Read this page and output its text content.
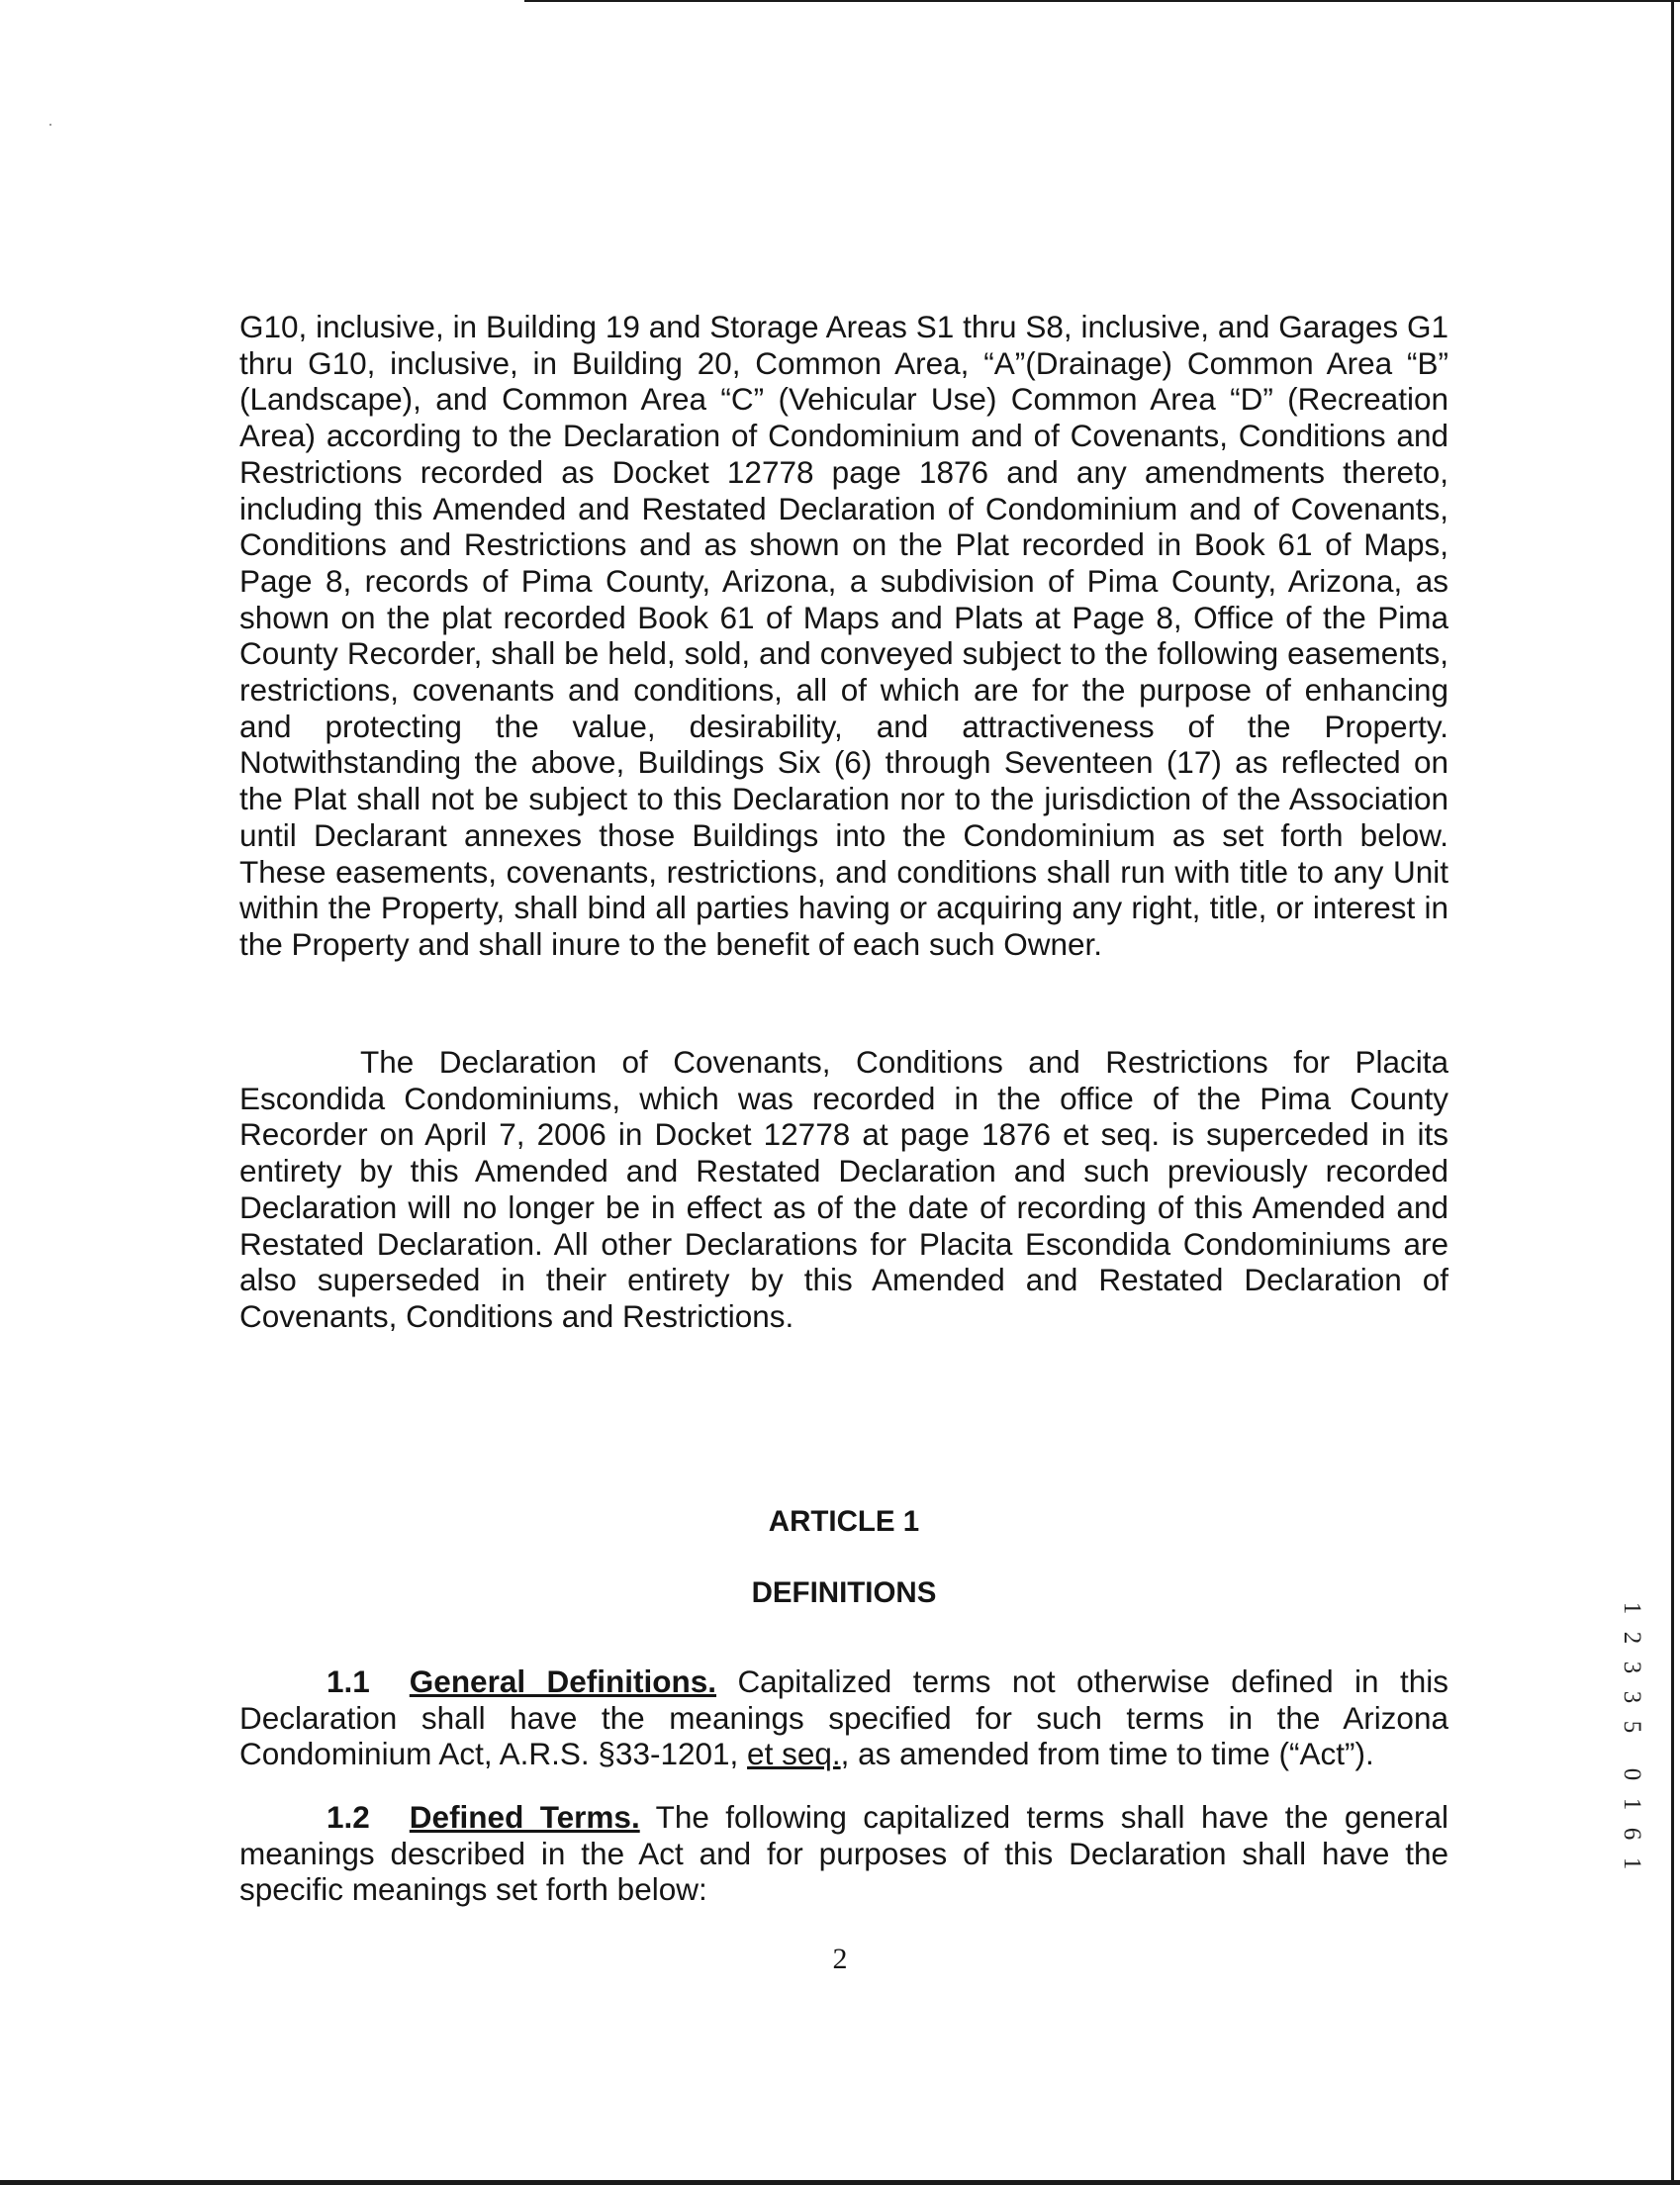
G10, inclusive, in Building 19 and Storage Areas S1 thru S8, inclusive, and Garages G1 thru G10, inclusive, in Building 20, Common Area, “A”(Drainage) Common Area “B” (Landscape), and Common Area “C” (Vehicular Use) Common Area “D” (Recreation Area) according to the Declaration of Condominium and of Covenants, Conditions and Restrictions recorded as Docket 12778 page 1876 and any amendments thereto, including this Amended and Restated Declaration of Condominium and of Covenants, Conditions and Restrictions and as shown on the Plat recorded in Book 61 of Maps, Page 8, records of Pima County, Arizona, a subdivision of Pima County, Arizona, as shown on the plat recorded Book 61 of Maps and Plats at Page 8, Office of the Pima County Recorder, shall be held, sold, and conveyed subject to the following easements, restrictions, covenants and conditions, all of which are for the purpose of enhancing and protecting the value, desirability, and attractiveness of the Property. Notwithstanding the above, Buildings Six (6) through Seventeen (17) as reflected on the Plat shall not be subject to this Declaration nor to the jurisdiction of the Association until Declarant annexes those Buildings into the Condominium as set forth below. These easements, covenants, restrictions, and conditions shall run with title to any Unit within the Property, shall bind all parties having or acquiring any right, title, or interest in the Property and shall inure to the benefit of each such Owner.

The Declaration of Covenants, Conditions and Restrictions for Placita Escondida Condominiums, which was recorded in the office of the Pima County Recorder on April 7, 2006 in Docket 12778 at page 1876 et seq. is superceded in its entirety by this Amended and Restated Declaration and such previously recorded Declaration will no longer be in effect as of the date of recording of this Amended and Restated Declaration. All other Declarations for Placita Escondida Condominiums are also superseded in their entirety by this Amended and Restated Declaration of Covenants, Conditions and Restrictions.

ARTICLE 1

DEFINITIONS

1.1 General Definitions. Capitalized terms not otherwise defined in this Declaration shall have the meanings specified for such terms in the Arizona Condominium Act, A.R.S. §33-1201, et seq., as amended from time to time (“Act”).

1.2 Defined Terms. The following capitalized terms shall have the general meanings described in the Act and for purposes of this Declaration shall have the specific meanings set forth below:

2

1
2
3
3
5
0
1
6
1
